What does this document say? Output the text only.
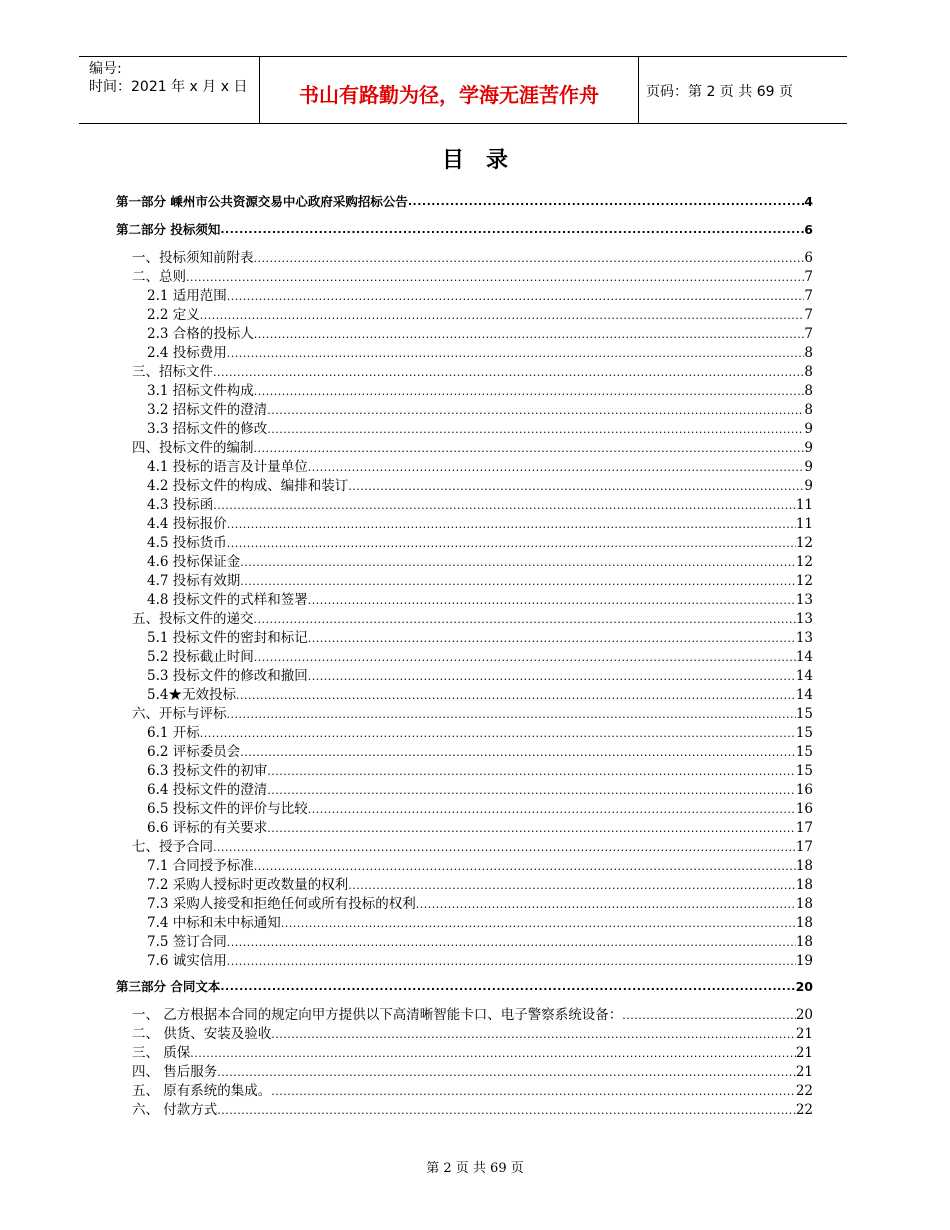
编号:
时间：2021 年 x 月 x 日	书山有路勤为径，学海无涯苦作舟	页码：第 2 页 共 69 页
目录
第一部分 嵊州市公共资源交易中心政府采购招标公告 .....	4
第二部分 投标须知 .....	6
一、投标须知前附表 .....	6
二、总则 .....	7
2.1 适用范围 .....	7
2.2 定义 .....	7
2.3 合格的投标人 .....	7
2.4 投标费用 .....	8
三、招标文件 .....	8
3.1 招标文件构成 .....	8
3.2 招标文件的澄清 .....	8
3.3 招标文件的修改 .....	9
四、投标文件的编制 .....	9
4.1 投标的语言及计量单位 .....	9
4.2 投标文件的构成、编排和装订 .....	9
4.3 投标函 .....	11
4.4 投标报价 .....	11
4.5 投标货币 .....	12
4.6 投标保证金 .....	12
4.7 投标有效期 .....	12
4.8 投标文件的式样和签署 .....	13
五、投标文件的递交 .....	13
5.1 投标文件的密封和标记 .....	13
5.2 投标截止时间 .....	14
5.3 投标文件的修改和撤回 .....	14
5.4★无效投标 .....	14
六、开标与评标 .....	15
6.1 开标 .....	15
6.2 评标委员会 .....	15
6.3 投标文件的初审 .....	15
6.4 投标文件的澄清 .....	16
6.5 投标文件的评价与比较 .....	16
6.6 评标的有关要求 .....	17
七、授予合同 .....	17
7.1 合同授予标准 .....	18
7.2 采购人授标时更改数量的权利 .....	18
7.3 采购人接受和拒绝任何或所有投标的权利 .....	18
7.4 中标和未中标通知 .....	18
7.5 签订合同 .....	18
7.6 诚实信用 .....	19
第三部分 合同文本 .....	20
一、 乙方根据本合同的规定向甲方提供以下高清晰智能卡口、电子警察系统设备： .....	20
二、 供货、安装及验收 .....	21
三、 质保 .....	21
四、 售后服务 .....	21
五、 原有系统的集成。 .....	22
六、 付款方式 .....	22
第 2 页 共 69 页
